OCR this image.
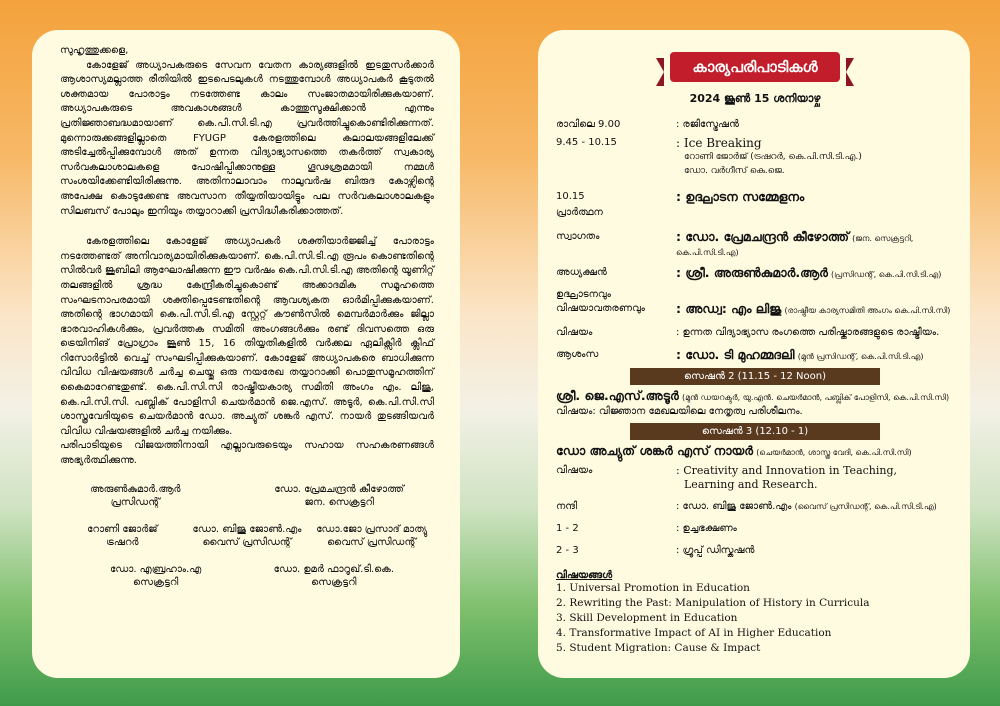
സുഹൃത്തുക്കളെ,

കോളേജ് അധ്യാപകരുടെ സേവന വേതന കാര്യങ്ങളിൽ ഇടതുസർക്കാർ ആശാസ്യമല്ലാത്ത രീതിയിൽ ഇടപെടലുകൾ നടത്തുമ്പോൾ അധ്യാപകർ കൂടുതൽ ശക്തമായ പോരാട്ടം നടത്തേണ്ട കാലം സംജാതമായിരിക്കുകയാണ്. അധ്യാപകരുടെ അവകാശങ്ങൾ കാത്തുസൂക്ഷിക്കാൻ എന്നും പ്രതിജ്ഞാബദ്ധമായാണ് കെ.പി.സി.ടി.എ പ്രവർത്തിച്ചുകൊണ്ടിരിക്കുന്നത്. മുന്നൊരുക്കങ്ങളില്ലാതെ FYUGP കേരളത്തിലെ കലാലയങ്ങളിലേക്ക് അടിച്ചേൽപ്പിക്കുമ്പോൾ അത് ഉന്നത വിദ്യാഭ്യാസത്തെ തകർത്ത് സ്വകാര്യ സർവകലാശാലകളെ പോഷിപ്പിക്കാനുള്ള ഗൂഢശ്രമമായി നമ്മൾ സംശയിക്കേണ്ടിയിരിക്കുന്നു. അതിനാലാവാം നാലുവർഷ ബിരുദ കോഴ്സിന്റെ അപേക്ഷ കൊടുക്കേണ്ട അവസാന തീയ്യതിയായിട്ടും പല സർവകലാശാലകളും സിലബസ് പോലും ഇനിയും തയ്യാറാക്കി പ്രസിദ്ധീകരിക്കാത്തത്.

കേരളത്തിലെ കോളേജ് അധ്യാപകർ ശക്തിയാർജ്ജിച്ച് പോരാട്ടം നടത്തേണ്ടത് അനിവാര്യമായിരിക്കുകയാണ്. കെ.പി.സി.ടി.എ രൂപം കൊണ്ടതിന്റെ സിൽവർ ജൂബിലി ആഘോഷിക്കുന്ന ഈ വർഷം കെ.പി.സി.ടി.എ അതിന്റെ യൂണിറ്റ് തലങ്ങളിൽ ശ്രദ്ധ കേന്ദ്രീകരിച്ചുകൊണ്ട് അക്കാദമിക സമൂഹത്തെ സംഘടനാപരമായി ശക്തിപ്പെടേണ്ടതിന്റെ ആവശ്യകത ഓർമിപ്പിക്കുകയാണ്. അതിന്റെ ഭാഗമായി കെ.പി.സി.ടി.എ സ്റ്റേറ്റ് കൗൺസിൽ മെമ്പർമാർക്കും ജില്ലാ ഭാരവാഹികൾക്കും, പ്രവർത്തക സമിതി അംഗങ്ങൾക്കും രണ്ട് ദിവസത്തെ ഒരു ട്രെയിനിങ് പ്രോഗ്രാം ജൂൺ 15, 16 തിയ്യതികളിൽ വർക്കല ഏലിക്സിർ ക്ലിഫ് റിസോർട്ടിൽ വെച്ച് സംഘടിപ്പിക്കുകയാണ്. കോളേജ് അധ്യാപകരെ ബാധിക്കുന്ന വിവിധ വിഷയങ്ങൾ ചർച്ച ചെയ്തു ഒരു നയരേഖ തയ്യാറാക്കി പൊതുസമൂഹത്തിന് കൈമാറേണ്ടതുണ്ട്. കെ.പി.സി.സി രാഷ്ട്രീയകാര്യ സമിതി അംഗം എം. ലിജു, കെ.പി.സി.സി. പബ്ലിക് പോളിസി ചെയർമാൻ ജെ.എസ്. അടൂർ, കെ.പി.സി.സി ശാസ്ത്രവേദിയുടെ ചെയർമാൻ ഡോ. അച്യുത് ശങ്കർ എസ്. നായർ തുടങ്ങിയവർ വിവിധ വിഷയങ്ങളിൽ ചർച്ച നയിക്കും.

പരിപാടിയുടെ വിജയത്തിനായി എല്ലാവരുടെയും സഹായ സഹകരണങ്ങൾ അഭ്യർത്ഥിക്കുന്നു.

അരുൺകുമാർ.ആർ
പ്രസിഡന്റ്
ഡോ. പ്രേമചന്ദ്രൻ കീഴോത്ത്
ജന. സെക്രട്ടറി
റോണി ജോർജ്
ട്രഷറർ
ഡോ. ബിജു ജോൺ.എം
വൈസ് പ്രസിഡന്റ്
ഡോ.ജോ പ്രസാദ് മാത്യു
വൈസ് പ്രസിഡന്റ്
ഡോ. എബ്രഹാം.എ
സെക്രട്ടറി
ഡോ. ഉമർ ഫാറൂഖ്.ടി.കെ.
സെക്രട്ടറി
കാര്യപരിപാടികൾ
2024 ജൂൺ 15 ശനിയാഴ്ച
രാവിലെ 9.00	: രജിസ്ട്രേഷൻ
9.45 - 10.15	: Ice Breaking
റോണി ജോർജ് (ട്രഷറർ, കെ.പി.സി.ടി.എ.)
ഡോ. വർഗീസ് കെ.ജെ.
10.15	: ഉദ്ഘാടന സമ്മേളനം
പ്രാർത്ഥന
സ്വാഗതം	: ഡോ. പ്രേമചന്ദ്രൻ കീഴോത്ത് (ജന. സെക്രട്ടറി, കെ.പി.സി.ടി.എ)
അധ്യക്ഷൻ	: ശ്രീ. അരുൺകുമാർ.ആർ (പ്രസിഡന്റ്, കെ.പി.സി.ടി.എ)
ഉദ്ഘാടനവും
വിഷയാവതരണവും	: അഡ്വ: എം ലിജു (രാഷ്ട്രീയ കാര്യസമിതി അംഗം കെ.പി.സി.സി)
വിഷയം	: ഉന്നത വിദ്യാഭ്യാസ രംഗത്തെ പരിഷ്കാരങ്ങളുടെ രാഷ്ട്രീയം.
ആശംസ	: ഡോ. ടി മുഹമ്മദലി (മുൻ പ്രസിഡന്റ്, കെ.പി.സി.ടി.എ)
സെഷൻ 2 (11.15 - 12 Noon)
ശ്രീ. ജെ.എസ്.അടൂർ (മുൻ ഡയറക്ടർ, യു.എൻ. ചെയർമാൻ, പബ്ലിക് പോളിസി, കെ.പി.സി.സി)
വിഷയം: വിജ്ഞാന മേഖലയിലെ നേതൃത്വ പരിശീലനം.
സെഷൻ 3 (12.10 - 1)
ഡോ അച്യുത് ശങ്കർ എസ് നായർ (ചെയർമാൻ, ശാസ്ത്ര വേദി, കെ.പി.സി.സി)
വിഷയം	: Creativity and Innovation in Teaching,
Learning and Research.
നന്ദി	: ഡോ. ബിജു ജോൺ.എം (വൈസ് പ്രസിഡന്റ്, കെ.പി.സി.ടി.എ)
1 - 2	: ഉച്ചഭക്ഷണം
2 - 3	: ഗ്രൂപ്പ് ഡിസ്കഷൻ
വിഷയങ്ങൾ
1. Universal Promotion in Education
2. Rewriting the Past: Manipulation of History in Curricula
3. Skill Development in Education
4. Transformative Impact of AI in Higher Education
5. Student Migration: Cause & Impact
